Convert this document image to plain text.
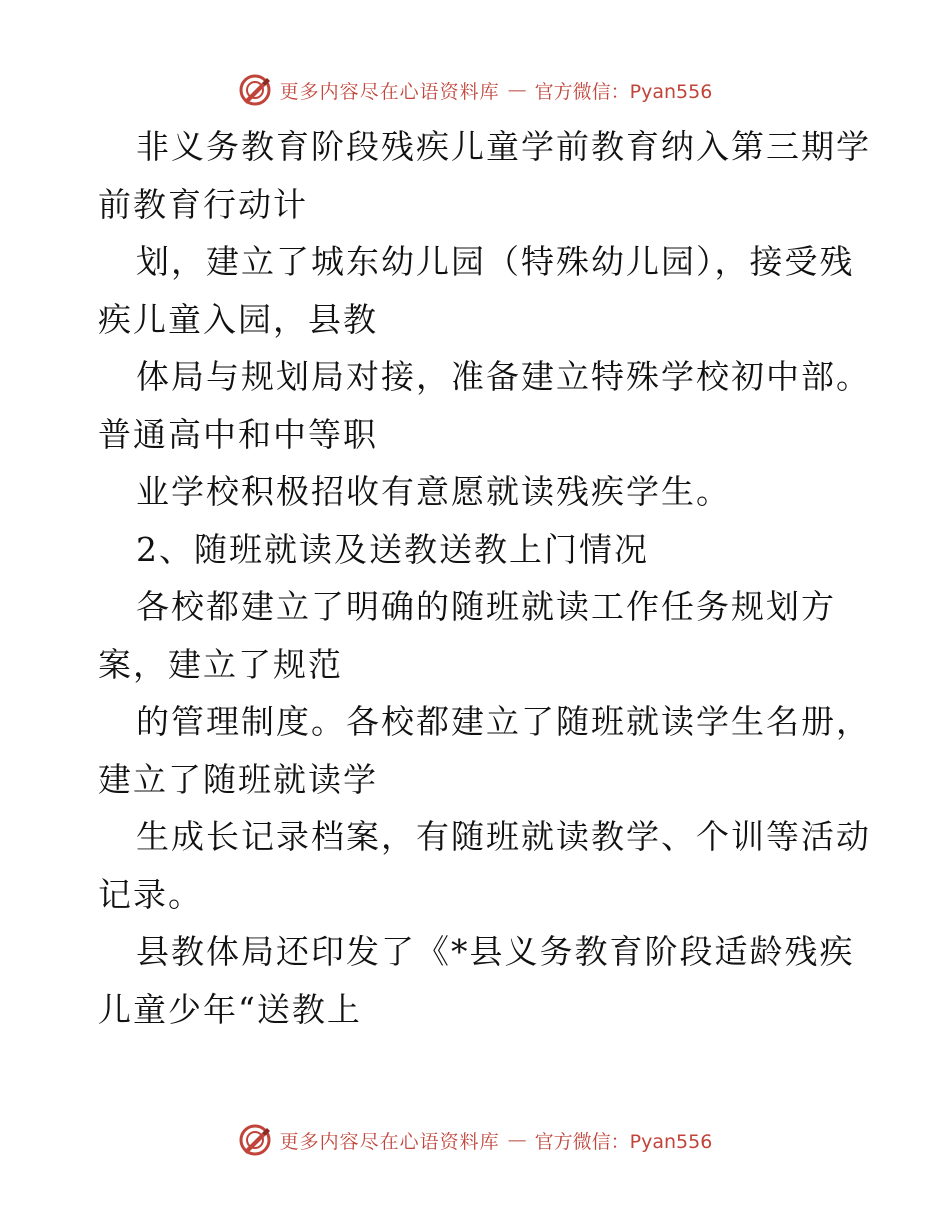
更多内容尽在心语资料库 — 官方微信：Pyan556
非义务教育阶段残疾儿童学前教育纳入第三期学
前教育行动计
划，建立了城东幼儿园（特殊幼儿园），接受残
疾儿童入园，县教
体局与规划局对接，准备建立特殊学校初中部。
普通高中和中等职
业学校积极招收有意愿就读残疾学生。
2、随班就读及送教送教上门情况
各校都建立了明确的随班就读工作任务规划方
案，建立了规范
的管理制度。各校都建立了随班就读学生名册，
建立了随班就读学
生成长记录档案，有随班就读教学、个训等活动
记录。
县教体局还印发了《*县义务教育阶段适龄残疾
儿童少年“送教上
更多内容尽在心语资料库 — 官方微信：Pyan556
